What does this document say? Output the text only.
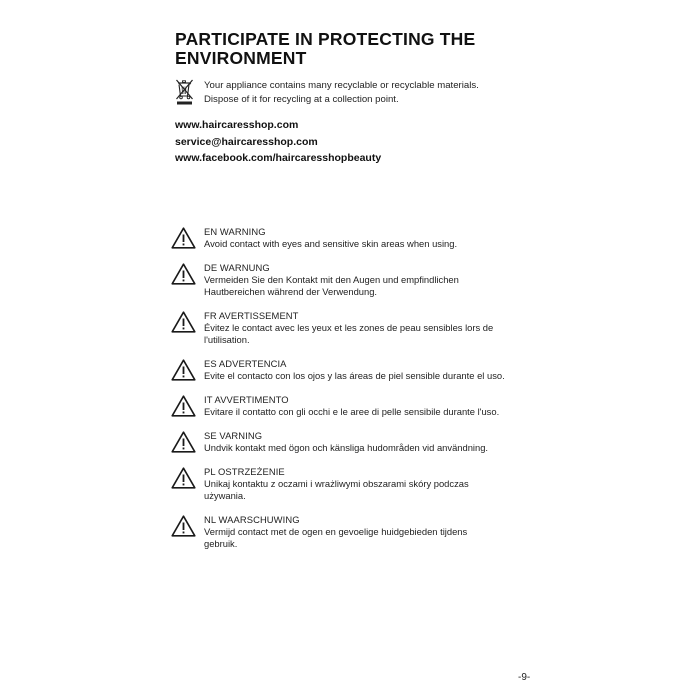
PARTICIPATE IN PROTECTING THE
ENVIRONMENT
Your appliance contains many recyclable or recyclable materials.
Dispose of it for recycling at a collection point.
www.haircaresshop.com
service@haircaresshop.com
www.facebook.com/haircaresshopbeauty
EN WARNING
Avoid contact with eyes and sensitive skin areas when using.
DE WARNUNG
Vermeiden Sie den Kontakt mit den Augen und empfindlichen
Hautbereichen während der Verwendung.
FR AVERTISSEMENT
Évitez le contact avec les yeux et les zones de peau sensibles lors de
l'utilisation.
ES ADVERTENCIA
Evite el contacto con los ojos y las áreas de piel sensible durante el uso.
IT AVVERTIMENTO
Evitare il contatto con gli occhi e le aree di pelle sensibile durante l'uso.
SE VARNING
Undvik kontakt med ögon och känsliga hudområden vid användning.
PL OSTRZEŻENIE
Unikaj kontaktu z oczami i wrażliwymi obszarami skóry podczas
używania.
NL WAARSCHUWING
Vermijd contact met de ogen en gevoelige huidgebieden tijdens
gebruik.
-9-
